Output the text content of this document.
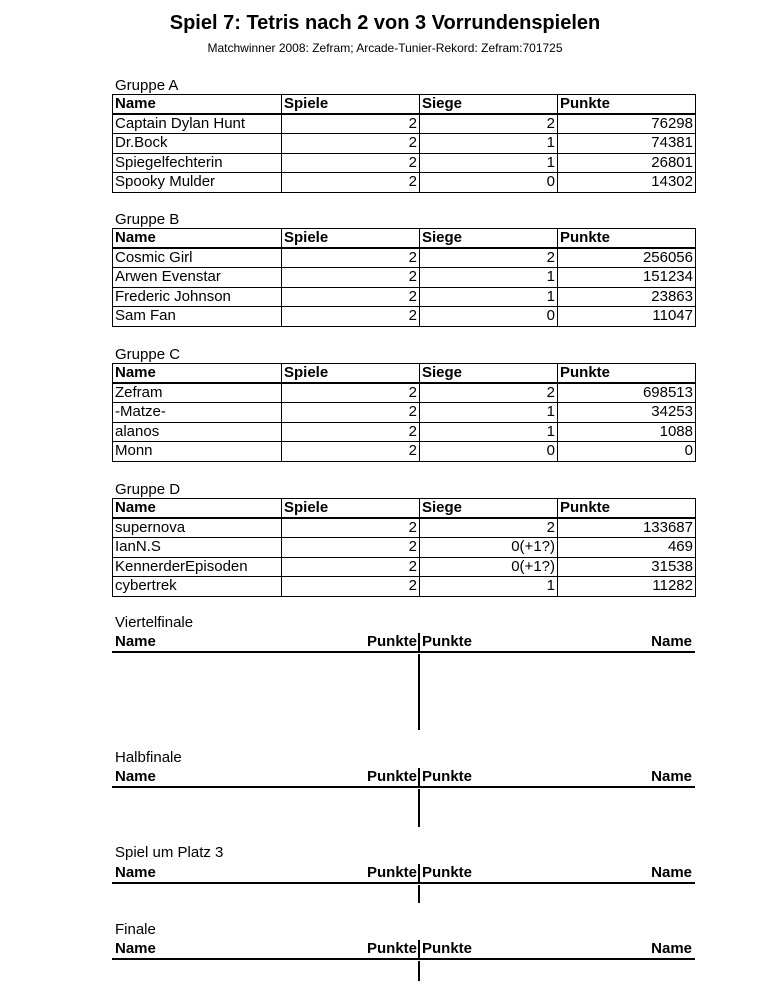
Spiel 7: Tetris nach 2 von 3 Vorrundenspielen
Matchwinner 2008: Zefram; Arcade-Tunier-Rekord: Zefram:701725
Gruppe A
Name	Spiele	Siege	Punkte
Captain Dylan Hunt	2	2	76298
Dr.Bock	2	1	74381
Spiegelfechterin	2	1	26801
Spooky Mulder	2	0	14302
Gruppe B
Name	Spiele	Siege	Punkte
Cosmic Girl	2	2	256056
Arwen Evenstar	2	1	151234
Frederic Johnson	2	1	23863
Sam Fan	2	0	11047
Gruppe C
Name	Spiele	Siege	Punkte
Zefram	2	2	698513
-Matze-	2	1	34253
alanos	2	1	1088
Monn	2	0	0
Gruppe D
Name	Spiele	Siege	Punkte
supernova	2	2	133687
IanN.S	2	0(+1?)	469
KennerderEpisoden	2	0(+1?)	31538
cybertrek	2	1	11282
Viertelfinale
Name	Punkte Punkte	Name
Halbfinale
Name	Punkte Punkte	Name
Spiel um Platz 3
Name	Punkte Punkte	Name
Finale
Name	Punkte Punkte	Name
